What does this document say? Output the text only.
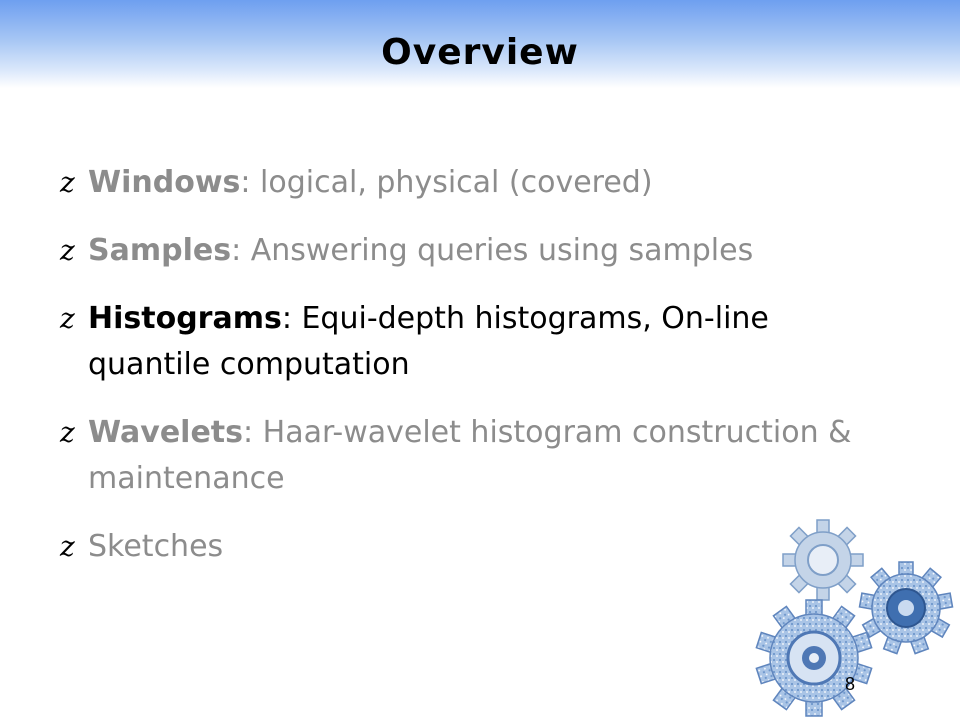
Overview
z Windows: logical, physical (covered)
z Samples: Answering queries using samples
z Histograms: Equi-depth histograms, On-line quantile computation
z Wavelets: Haar-wavelet histogram construction & maintenance
z Sketches
8
